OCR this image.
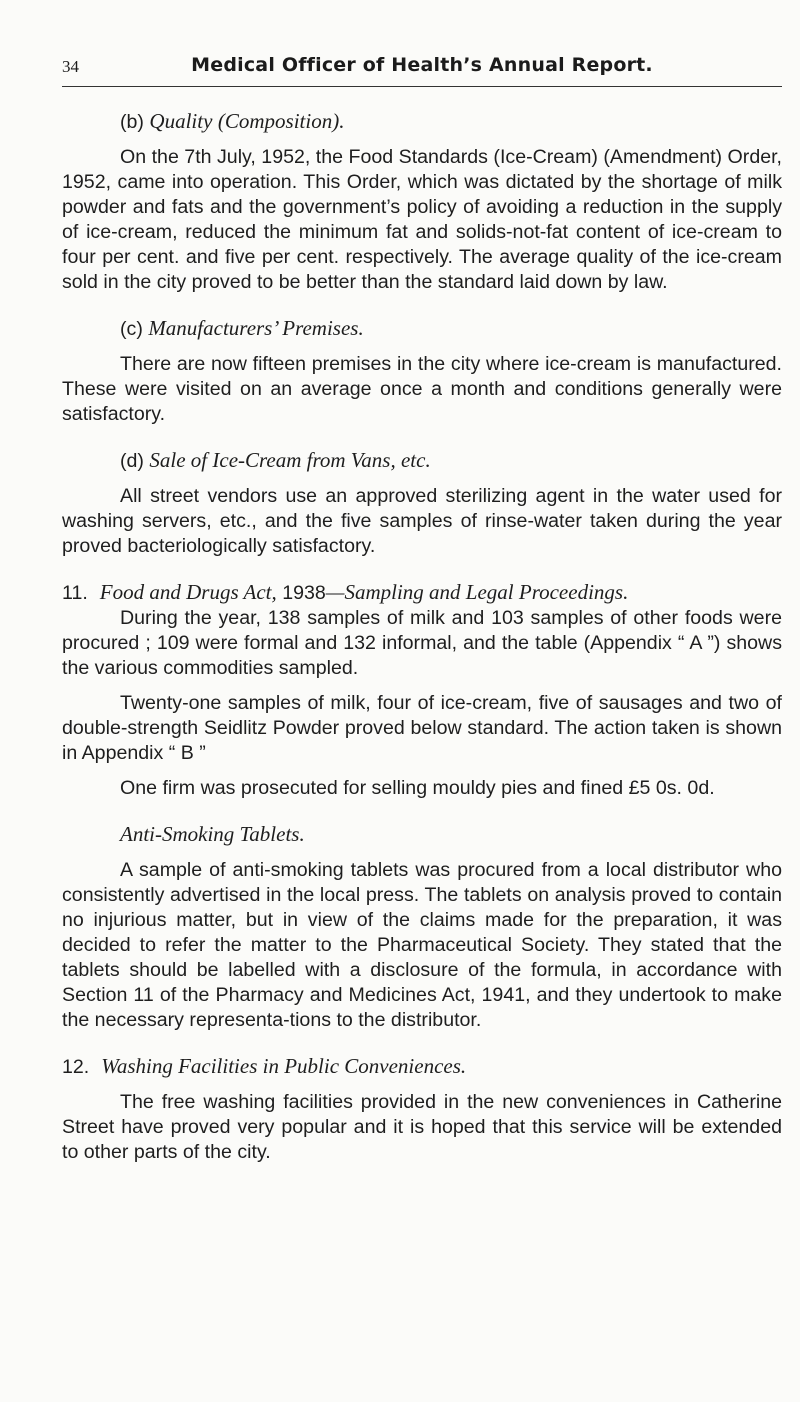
34	Medical Officer of Health’s Annual Report.
(b) Quality (Composition).

On the 7th July, 1952, the Food Standards (Ice-Cream) (Amendment) Order, 1952, came into operation. This Order, which was dictated by the shortage of milk powder and fats and the government’s policy of avoiding a reduction in the supply of ice-cream, reduced the minimum fat and solids-not-fat content of ice-cream to four per cent. and five per cent. respectively. The average quality of the ice-cream sold in the city proved to be better than the standard laid down by law.

(c) Manufacturers’ Premises.

There are now fifteen premises in the city where ice-cream is manufactured. These were visited on an average once a month and conditions generally were satisfactory.

(d) Sale of Ice-Cream from Vans, etc.

All street vendors use an approved sterilizing agent in the water used for washing servers, etc., and the five samples of rinse-water taken during the year proved bacteriologically satisfactory.

11. Food and Drugs Act, 1938—Sampling and Legal Proceedings.

During the year, 138 samples of milk and 103 samples of other foods were procured ; 109 were formal and 132 informal, and the table (Appendix “ A ”) shows the various commodities sampled.

Twenty-one samples of milk, four of ice-cream, five of sausages and two of double-strength Seidlitz Powder proved below standard. The action taken is shown in Appendix “ B ”

One firm was prosecuted for selling mouldy pies and fined £5 0s. 0d.

Anti-Smoking Tablets.

A sample of anti-smoking tablets was procured from a local distributor who consistently advertised in the local press. The tablets on analysis proved to contain no injurious matter, but in view of the claims made for the preparation, it was decided to refer the matter to the Pharmaceutical Society. They stated that the tablets should be labelled with a disclosure of the formula, in accordance with Section 11 of the Pharmacy and Medicines Act, 1941, and they undertook to make the necessary representa-tions to the distributor.

12. Washing Facilities in Public Conveniences.

The free washing facilities provided in the new conveniences in Catherine Street have proved very popular and it is hoped that this service will be extended to other parts of the city.
